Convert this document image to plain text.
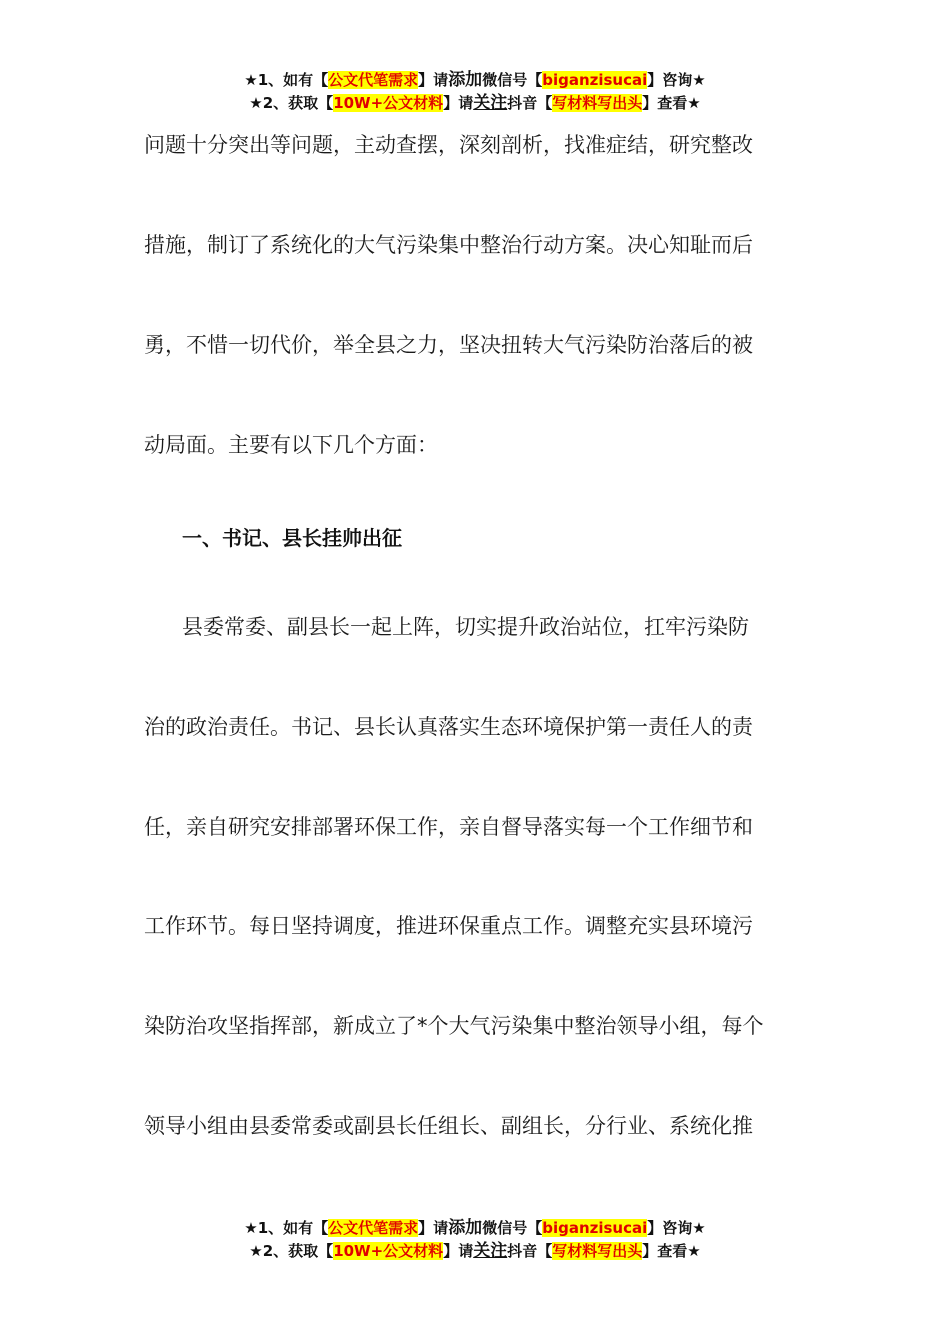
★1、如有【公文代笔需求】请添加微信号【biganzisucai】咨询★
★2、获取【10W+公文材料】请关注抖音【写材料写出头】查看★
问题十分突出等问题，主动查摆，深刻剖析，找准症结，研究整改
措施，制订了系统化的大气污染集中整治行动方案。决心知耻而后
勇，不惜一切代价，举全县之力，坚决扭转大气污染防治落后的被
动局面。主要有以下几个方面：
一、书记、县长挂帅出征
县委常委、副县长一起上阵，切实提升政治站位，扛牢污染防
治的政治责任。书记、县长认真落实生态环境保护第一责任人的责
任，亲自研究安排部署环保工作，亲自督导落实每一个工作细节和
工作环节。每日坚持调度，推进环保重点工作。调整充实县环境污
染防治攻坚指挥部，新成立了*个大气污染集中整治领导小组，每个
领导小组由县委常委或副县长任组长、副组长，分行业、系统化推
★1、如有【公文代笔需求】请添加微信号【biganzisucai】咨询★
★2、获取【10W+公文材料】请关注抖音【写材料写出头】查看★
